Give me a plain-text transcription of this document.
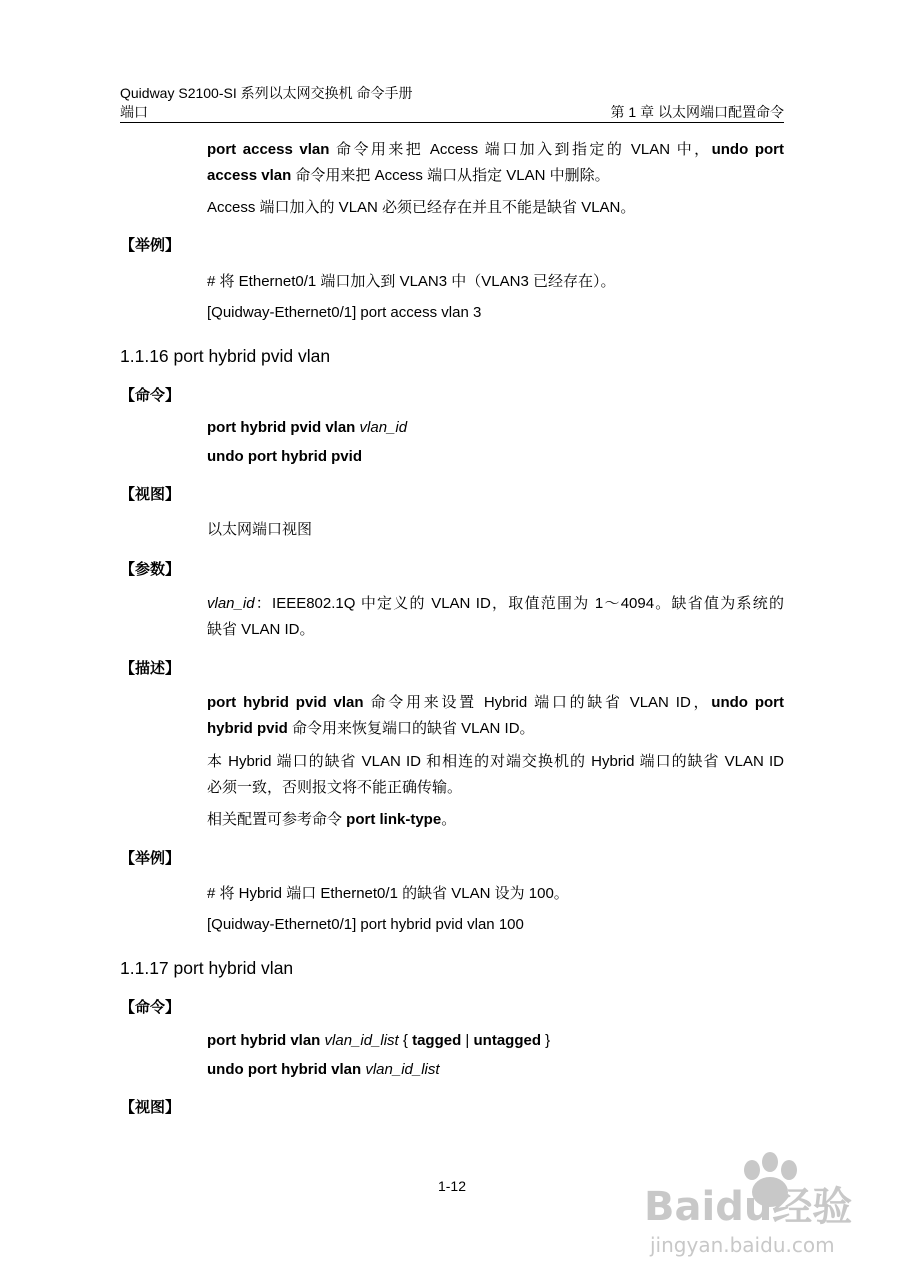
Quidway S2100-SI 系列以太网交换机 命令手册
端口	第 1 章 以太网端口配置命令
port access vlan 命令用来把 Access 端口加入到指定的 VLAN 中，undo port
access vlan 命令用来把 Access 端口从指定 VLAN 中删除。
Access 端口加入的 VLAN 必须已经存在并且不能是缺省 VLAN。
【举例】
# 将 Ethernet0/1 端口加入到 VLAN3 中（VLAN3 已经存在）。
[Quidway-Ethernet0/1] port access vlan 3
1.1.16 port hybrid pvid vlan
【命令】
port hybrid pvid vlan vlan_id
undo port hybrid pvid
【视图】
以太网端口视图
【参数】
vlan_id：IEEE802.1Q 中定义的 VLAN ID，取值范围为 1～4094。缺省值为系统的
缺省 VLAN ID。
【描述】
port hybrid pvid vlan 命令用来设置 Hybrid 端口的缺省 VLAN ID，undo port
hybrid pvid 命令用来恢复端口的缺省 VLAN ID。
本 Hybrid 端口的缺省 VLAN ID 和相连的对端交换机的 Hybrid 端口的缺省 VLAN ID
必须一致，否则报文将不能正确传输。
相关配置可参考命令 port link-type。
【举例】
# 将 Hybrid 端口 Ethernet0/1 的缺省 VLAN 设为 100。
[Quidway-Ethernet0/1] port hybrid pvid vlan 100
1.1.17 port hybrid vlan
【命令】
port hybrid vlan vlan_id_list { tagged | untagged }
undo port hybrid vlan vlan_id_list
【视图】
1-12	Baidu经验
jingyan.baidu.com
